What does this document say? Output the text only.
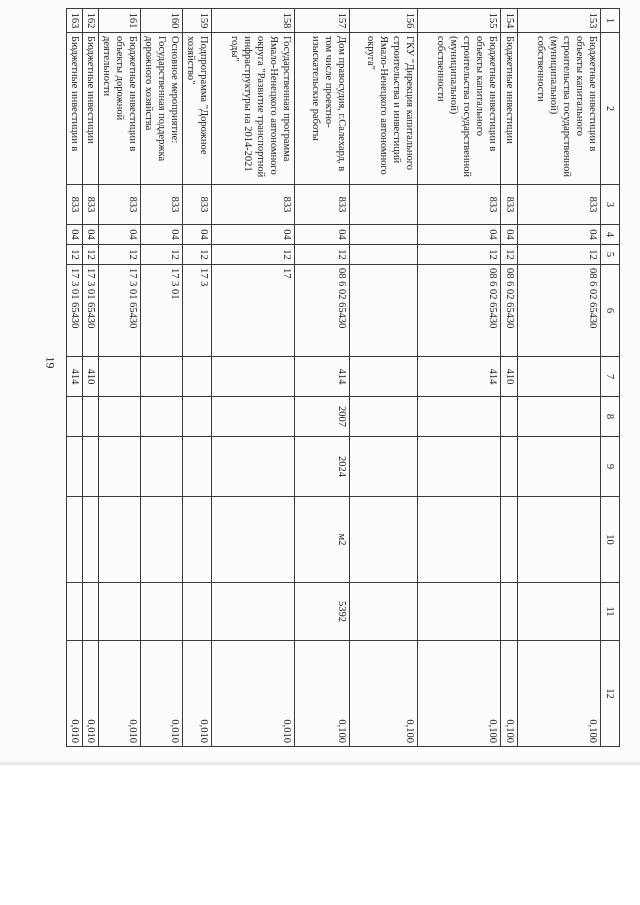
19
1	2	3	4	5	6	7	8	9	10	11	12
153	Бюджетные инвестиции в объекты капитального строительства государственной (муниципальной) собственности	833	04	12	08 6 02 65430						0,100
154	Бюджетные инвестиции	833	04	12	08 6 02 65430	410					0,100
155	Бюджетные инвестиции в объекты капитального строительства государственной (муниципальной) собственности	833	04	12	08 6 02 65430	414					0,100
156	ГКУ "Дирекция капитального строительства и инвестиций Ямало-Ненецкого автономного округа"										0,100
157	Дом правосудия, г.Салехард, в том числе проектно-изыскательские работы	833	04	12	08 6 02 65430	414	2007	2024	м2	5392	0,100
158	Государственная программа Ямало-Ненецкого автономного округа "Развитие транспортной инфраструктуры на 2014-2021 годы"	833	04	12	17						0,010
159	Подпрограмма "Дорожное хозяйство"	833	04	12	17 3						0,010
160	Основное мероприятие: Государственная поддержка дорожного хозяйства	833	04	12	17 3 01						0,010
161	Бюджетные инвестиции в объекты дорожной деятельности	833	04	12	17 3 01 65430						0,010
162	Бюджетные инвестиции	833	04	12	17 3 01 65430	410					0,010
163	Бюджетные инвестиции в	833	04	12	17 3 01 65430	414					0,010
